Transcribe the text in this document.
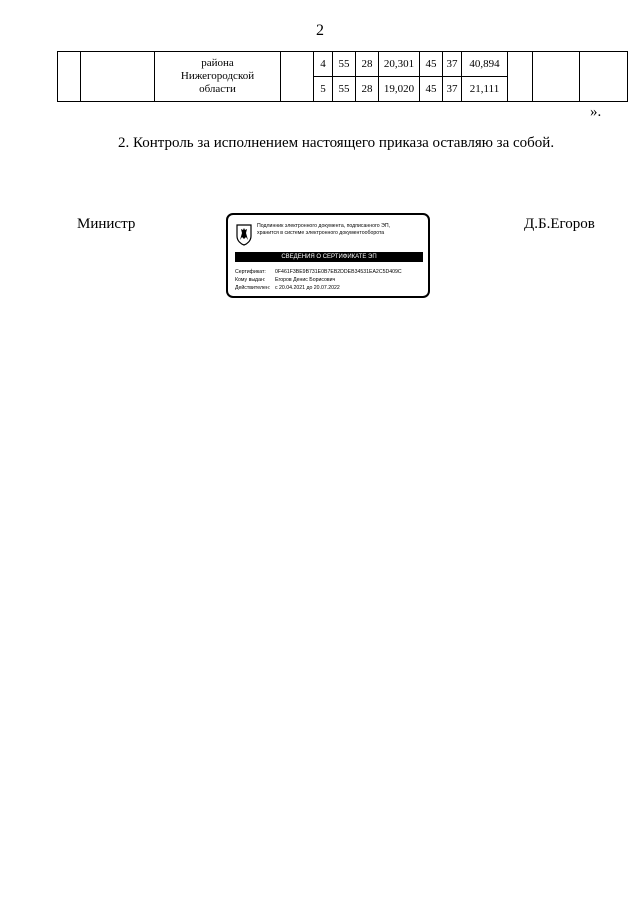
2

		района
Нижегородской
области		4	55	28	20,301	45	37	40,894			
				5	55	28	19,020	45	37	21,111			
».
2. Контроль за исполнением настоящего приказа оставляю за собой.
Министр	Д.Б.Егоров
Подлинник электронного документа, подписанного ЭП,
хранится в системе электронного документооборота
СВЕДЕНИЯ О СЕРТИФИКАТЕ ЭП
Сертификат: 0F461F3BE9B731E0B7EB2DDEB34531EA2C5D409C
Кому выдан: Егоров Денис Борисович
Действителен: с 20.04.2021 до 20.07.2022
